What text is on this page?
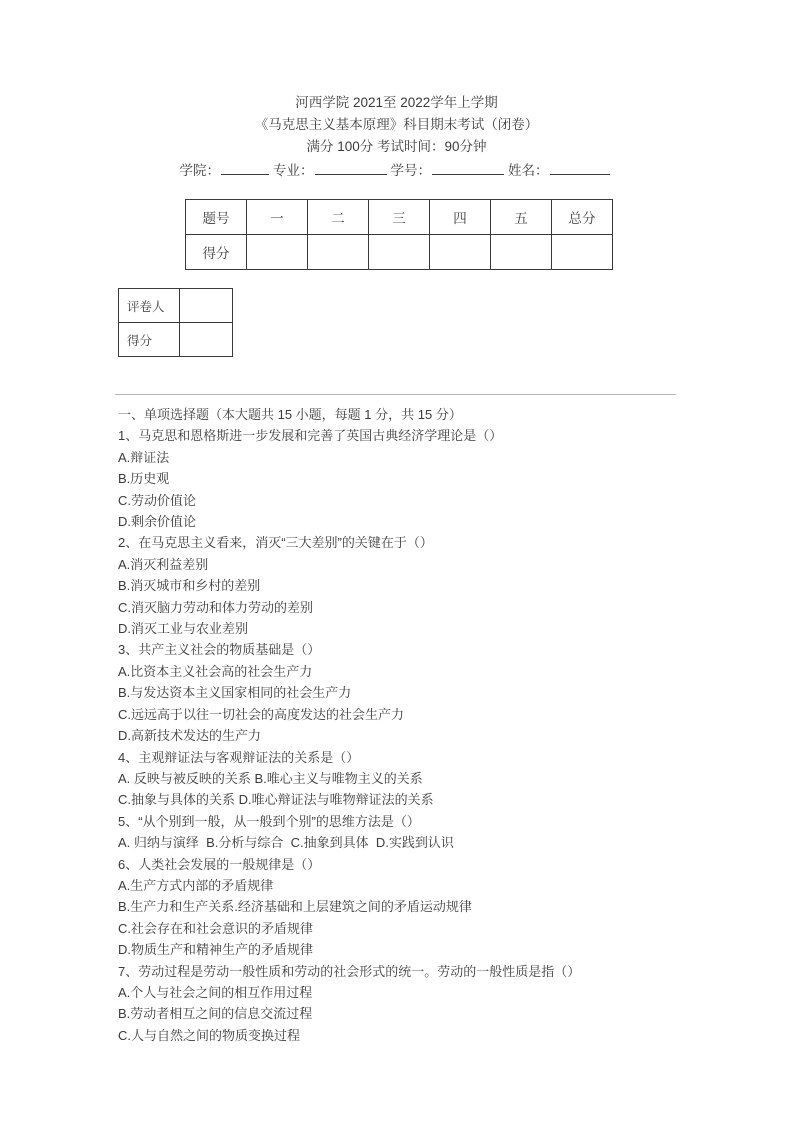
河西学院 2021至 2022学年上学期
《马克思主义基本原理》科目期末考试（闭卷）
满分 100分 考试时间：90分钟
学院：	专业：	学号：	姓名：
题号	一	二	三	四	五	总分
得分						
评卷人	
得分	
一、单项选择题（本大题共 15 小题，每题 1 分，共 15 分）
1、马克思和恩格斯进一步发展和完善了英国古典经济学理论是（）
A.辩证法
B.历史观
C.劳动价值论
D.剩余价值论
2、在马克思主义看来，消灭“三大差别”的关键在于（）
A.消灭利益差别
B.消灭城市和乡村的差别
C.消灭脑力劳动和体力劳动的差别
D.消灭工业与农业差别
3、共产主义社会的物质基础是（）
A.比资本主义社会高的社会生产力
B.与发达资本主义国家相同的社会生产力
C.远远高于以往一切社会的高度发达的社会生产力
D.高新技术发达的生产力
4、主观辩证法与客观辩证法的关系是（）
A. 反映与被反映的关系 B.唯心主义与唯物主义的关系
C.抽象与具体的关系 D.唯心辩证法与唯物辩证法的关系
5、“从个别到一般，从一般到个别”的思维方法是（）
A. 归纳与演绎  B.分析与综合  C.抽象到具体  D.实践到认识
6、人类社会发展的一般规律是（）
A.生产方式内部的矛盾规律
B.生产力和生产关系.经济基础和上层建筑之间的矛盾运动规律
C.社会存在和社会意识的矛盾规律
D.物质生产和精神生产的矛盾规律
7、劳动过程是劳动一般性质和劳动的社会形式的统一。劳动的一般性质是指（）
A.个人与社会之间的相互作用过程
B.劳动者相互之间的信息交流过程
C.人与自然之间的物质变换过程
